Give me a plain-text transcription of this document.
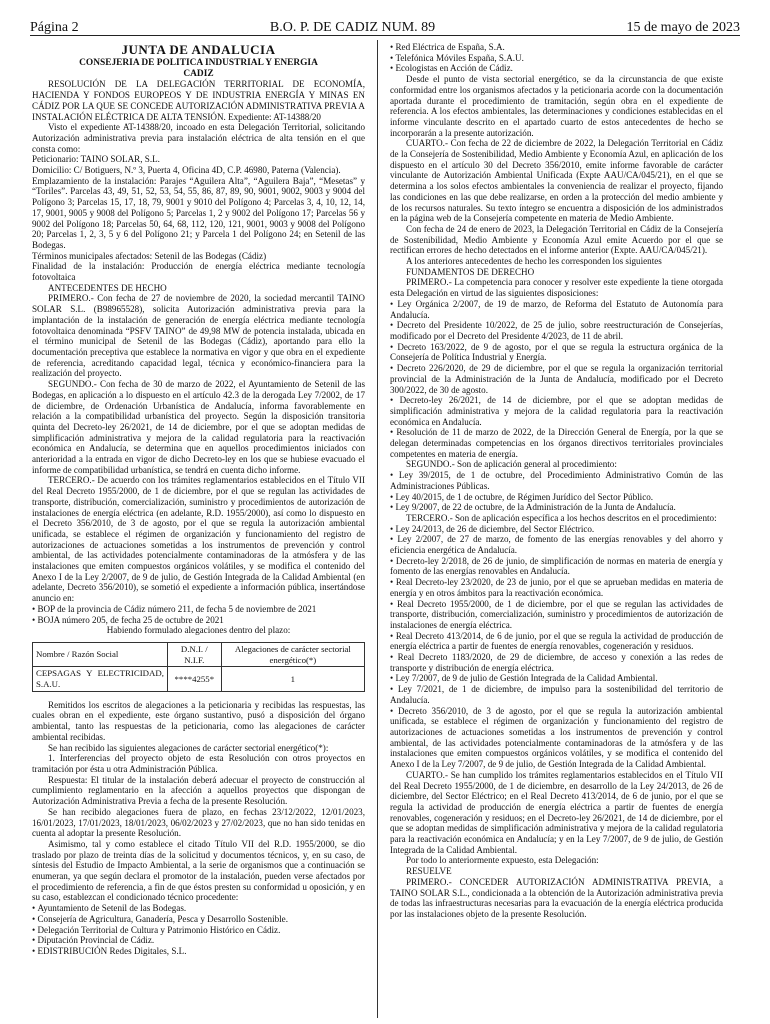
Página 2	B.O. P. DE CADIZ NUM. 89	15 de mayo de 2023

JUNTA DE ANDALUCIA

CONSEJERIA DE POLITICA INDUSTRIAL Y ENERGIA

CADIZ

RESOLUCIÓN DE LA DELEGACIÓN TERRITORIAL DE ECONOMÍA, HACIENDA Y FONDOS EUROPEOS Y DE INDUSTRIA ENERGÍA Y MINAS EN CÁDIZ POR LA QUE SE CONCEDE AUTORIZACIÓN ADMINISTRATIVA PREVIA A INSTALACIÓN ELÉCTRICA DE ALTA TENSIÓN. Expediente: AT-14388/20

Visto el expediente AT-14388/20, incoado en esta Delegación Territorial, solicitando Autorización administrativa previa para instalación eléctrica de alta tensión en el que consta como:

Peticionario: TAINO SOLAR, S.L.

Domicilio: C/ Botiguers, N.º 3, Puerta 4, Oficina 4D, C.P. 46980, Paterna (Valencia).

Emplazamiento de la instalación: Parajes “Aguilera Alta”, “Aguilera Baja”, “Mesetas” y “Toriles”. Parcelas 43, 49, 51, 52, 53, 54, 55, 86, 87, 89, 90, 9001, 9002, 9003 y 9004 del Polígono 3; Parcelas 15, 17, 18, 79, 9001 y 9010 del Polígono 4; Parcelas 3, 4, 10, 12, 14, 17, 9001, 9005 y 9008 del Polígono 5; Parcelas 1, 2 y 9002 del Polígono 17; Parcelas 56 y 9002 del Polígono 18; Parcelas 50, 64, 68, 112, 120, 121, 9001, 9003 y 9008 del Polígono 20; Parcelas 1, 2, 3, 5 y 6 del Polígono 21; y Parcela 1 del Polígono 24; en Setenil de las Bodegas.

Términos municipales afectados: Setenil de las Bodegas (Cádiz)

Finalidad de la instalación: Producción de energía eléctrica mediante tecnología fotovoltaica

ANTECEDENTES DE HECHO

PRIMERO.- Con fecha de 27 de noviembre de 2020, la sociedad mercantil TAINO SOLAR S.L. (B98965528), solicita Autorización administrativa previa para la implantación de la instalación de generación de energía eléctrica mediante tecnología fotovoltaica denominada “PSFV TAINO” de 49,98 MW de potencia instalada, ubicada en el término municipal de Setenil de las Bodegas (Cádiz), aportando para ello la documentación preceptiva que establece la normativa en vigor y que obra en el expediente de referencia, acreditando capacidad legal, técnica y económico-financiera para la realización del proyecto.

SEGUNDO.- Con fecha de 30 de marzo de 2022, el Ayuntamiento de Setenil de las Bodegas, en aplicación a lo dispuesto en el artículo 42.3 de la derogada Ley 7/2002, de 17 de diciembre, de Ordenación Urbanística de Andalucía, informa favorablemente en relación a la compatibilidad urbanística del proyecto. Según la disposición transitoria quinta del Decreto-ley 26/2021, de 14 de diciembre, por el que se adoptan medidas de simplificación administrativa y mejora de la calidad regulatoria para la reactivación económica en Andalucía, se determina que en aquellos procedimientos iniciados con anterioridad a la entrada en vigor de dicho Decreto-ley en los que se hubiese evacuado el informe de compatibilidad urbanística, se tendrá en cuenta dicho informe.

TERCERO.- De acuerdo con los trámites reglamentarios establecidos en el Título VII del Real Decreto 1955/2000, de 1 de diciembre, por el que se regulan las actividades de transporte, distribución, comercialización, suministro y procedimientos de autorización de instalaciones de energía eléctrica (en adelante, R.D. 1955/2000), así como lo dispuesto en el Decreto 356/2010, de 3 de agosto, por el que se regula la autorización ambiental unificada, se establece el régimen de organización y funcionamiento del registro de autorizaciones de actuaciones sometidas a los instrumentos de prevención y control ambiental, de las actividades potencialmente contaminadoras de la atmósfera y de las instalaciones que emiten compuestos orgánicos volátiles, y se modifica el contenido del Anexo I de la Ley 2/2007, de 9 de julio, de Gestión Integrada de la Calidad Ambiental (en adelante, Decreto 356/2010), se sometió el expediente a información pública, insertándose anuncio en:

• BOP de la provincia de Cádiz número 211, de fecha 5 de noviembre de 2021

• BOJA número 205, de fecha 25 de octubre de 2021

Habiendo formulado alegaciones dentro del plazo:

Nombre / Razón Social	D.N.I. / N.I.F.	Alegaciones de carácter sectorial energético(*)
CEPSAGAS Y ELECTRICIDAD, S.A.U.	****4255*	1

Remitidos los escritos de alegaciones a la peticionaria y recibidas las respuestas, las cuales obran en el expediente, este órgano sustantivo, pusó a disposición del órgano ambiental, tanto las respuestas de la peticionaria, como las alegaciones de carácter ambiental recibidas.

Se han recibido las siguientes alegaciones de carácter sectorial energético(*):

1. Interferencias del proyecto objeto de esta Resolución con otros proyectos en tramitación por ésta u otra Administración Pública.

Respuesta: El titular de la instalación deberá adecuar el proyecto de construcción al cumplimiento reglamentario en la afección a aquellos proyectos que dispongan de Autorización Administrativa Previa a fecha de la presente Resolución.

Se han recibido alegaciones fuera de plazo, en fechas 23/12/2022, 12/01/2023, 16/01/2023, 17/01/2023, 18/01/2023, 06/02/2023 y 27/02/2023, que no han sido tenidas en cuenta al adoptar la presente Resolución.

Asimismo, tal y como establece el citado Título VII del R.D. 1955/2000, se dio traslado por plazo de treinta días de la solicitud y documentos técnicos, y, en su caso, de síntesis del Estudio de Impacto Ambiental, a la serie de organismos que a continuación se enumeran, ya que según declara el promotor de la instalación, pueden verse afectados por el procedimiento de referencia, a fin de que éstos presten su conformidad u oposición, y en su caso, establezcan el condicionado técnico procedente:

• Ayuntamiento de Setenil de las Bodegas.

• Consejería de Agricultura, Ganadería, Pesca y Desarrollo Sostenible.

• Delegación Territorial de Cultura y Patrimonio Histórico en Cádiz.

• Diputación Provincial de Cádiz.

• EDISTRIBUCIÓN Redes Digitales, S.L.

• Red Eléctrica de España, S.A.

• Telefónica Móviles España, S.A.U.

• Ecologistas en Acción de Cádiz.

Desde el punto de vista sectorial energético, se da la circunstancia de que existe conformidad entre los organismos afectados y la peticionaria acorde con la documentación aportada durante el procedimiento de tramitación, según obra en el expediente de referencia. A los efectos ambientales, las determinaciones y condiciones establecidas en el informe vinculante descrito en el apartado cuarto de estos antecedentes de hecho se incorporarán a la presente autorización.

CUARTO.- Con fecha de 22 de diciembre de 2022, la Delegación Territorial en Cádiz de la Consejería de Sostenibilidad, Medio Ambiente y Economía Azul, en aplicación de los dispuesto en el artículo 30 del Decreto 356/2010, emite informe favorable de carácter vinculante de Autorización Ambiental Unificada (Expte AAU/CA/045/21), en el que se determina a los solos efectos ambientales la conveniencia de realizar el proyecto, fijando las condiciones en las que debe realizarse, en orden a la protección del medio ambiente y de los recursos naturales. Su texto íntegro se encuentra a disposición de los administrados en la página web de la Consejería competente en materia de Medio Ambiente.

Con fecha de 24 de enero de 2023, la Delegación Territorial en Cádiz de la Consejería de Sostenibilidad, Medio Ambiente y Economía Azul emite Acuerdo por el que se rectifican errores de hecho detectados en el informe anterior (Expte. AAU/CA/045/21).

A los anteriores antecedentes de hecho les corresponden los siguientes

FUNDAMENTOS DE DERECHO

PRIMERO.- La competencia para conocer y resolver este expediente la tiene otorgada esta Delegación en virtud de las siguientes disposiciones:

• Ley Orgánica 2/2007, de 19 de marzo, de Reforma del Estatuto de Autonomía para Andalucía.

• Decreto del Presidente 10/2022, de 25 de julio, sobre reestructuración de Consejerías, modificado por el Decreto del Presidente 4/2023, de 11 de abril.

• Decreto 163/2022, de 9 de agosto, por el que se regula la estructura orgánica de la Consejería de Política Industrial y Energía.

• Decreto 226/2020, de 29 de diciembre, por el que se regula la organización territorial provincial de la Administración de la Junta de Andalucía, modificado por el Decreto 300/2022, de 30 de agosto.

• Decreto-ley 26/2021, de 14 de diciembre, por el que se adoptan medidas de simplificación administrativa y mejora de la calidad regulatoria para la reactivación económica en Andalucía.

• Resolución de 11 de marzo de 2022, de la Dirección General de Energía, por la que se delegan determinadas competencias en los órganos directivos territoriales provinciales competentes en materia de energía.

SEGUNDO.- Son de aplicación general al procedimiento:

• Ley 39/2015, de 1 de octubre, del Procedimiento Administrativo Común de las Administraciones Públicas.

• Ley 40/2015, de 1 de octubre, de Régimen Jurídico del Sector Público.

• Ley 9/2007, de 22 de octubre, de la Administración de la Junta de Andalucía.

TERCERO.- Son de aplicación específica a los hechos descritos en el procedimiento:

• Ley 24/2013, de 26 de diciembre, del Sector Eléctrico.

• Ley 2/2007, de 27 de marzo, de fomento de las energías renovables y del ahorro y eficiencia energética de Andalucía.

• Decreto-ley 2/2018, de 26 de junio, de simplificación de normas en materia de energía y fomento de las energías renovables en Andalucía.

• Real Decreto-ley 23/2020, de 23 de junio, por el que se aprueban medidas en materia de energía y en otros ámbitos para la reactivación económica.

• Real Decreto 1955/2000, de 1 de diciembre, por el que se regulan las actividades de transporte, distribución, comercialización, suministro y procedimientos de autorización de instalaciones de energía eléctrica.

• Real Decreto 413/2014, de 6 de junio, por el que se regula la actividad de producción de energía eléctrica a partir de fuentes de energía renovables, cogeneración y residuos.

• Real Decreto 1183/2020, de 29 de diciembre, de acceso y conexión a las redes de transporte y distribución de energía eléctrica.

• Ley 7/2007, de 9 de julio de Gestión Integrada de la Calidad Ambiental.

• Ley 7/2021, de 1 de diciembre, de impulso para la sostenibilidad del territorio de Andalucía.

• Decreto 356/2010, de 3 de agosto, por el que se regula la autorización ambiental unificada, se establece el régimen de organización y funcionamiento del registro de autorizaciones de actuaciones sometidas a los instrumentos de prevención y control ambiental, de las actividades potencialmente contaminadoras de la atmósfera y de las instalaciones que emiten compuestos orgánicos volátiles, y se modifica el contenido del Anexo I de la Ley 7/2007, de 9 de julio, de Gestión Integrada de la Calidad Ambiental.

CUARTO.- Se han cumplido los trámites reglamentarios establecidos en el Título VII del Real Decreto 1955/2000, de 1 de diciembre, en desarrollo de la Ley 24/2013, de 26 de diciembre, del Sector Eléctrico; en el Real Decreto 413/2014, de 6 de junio, por el que se regula la actividad de producción de energía eléctrica a partir de fuentes de energía renovables, cogeneración y residuos; en el Decreto-ley 26/2021, de 14 de diciembre, por el que se adoptan medidas de simplificación administrativa y mejora de la calidad regulatoria para la reactivación económica en Andalucía; y en la Ley 7/2007, de 9 de julio, de Gestión Integrada de la Calidad Ambiental.

Por todo lo anteriormente expuesto, esta Delegación:

RESUELVE

PRIMERO.- CONCEDER AUTORIZACIÓN ADMINISTRATIVA PREVIA, a TAINO SOLAR S.L., condicionada a la obtención de la Autorización administrativa previa de todas las infraestructuras necesarias para la evacuación de la energía eléctrica producida por las instalaciones objeto de la presente Resolución.
